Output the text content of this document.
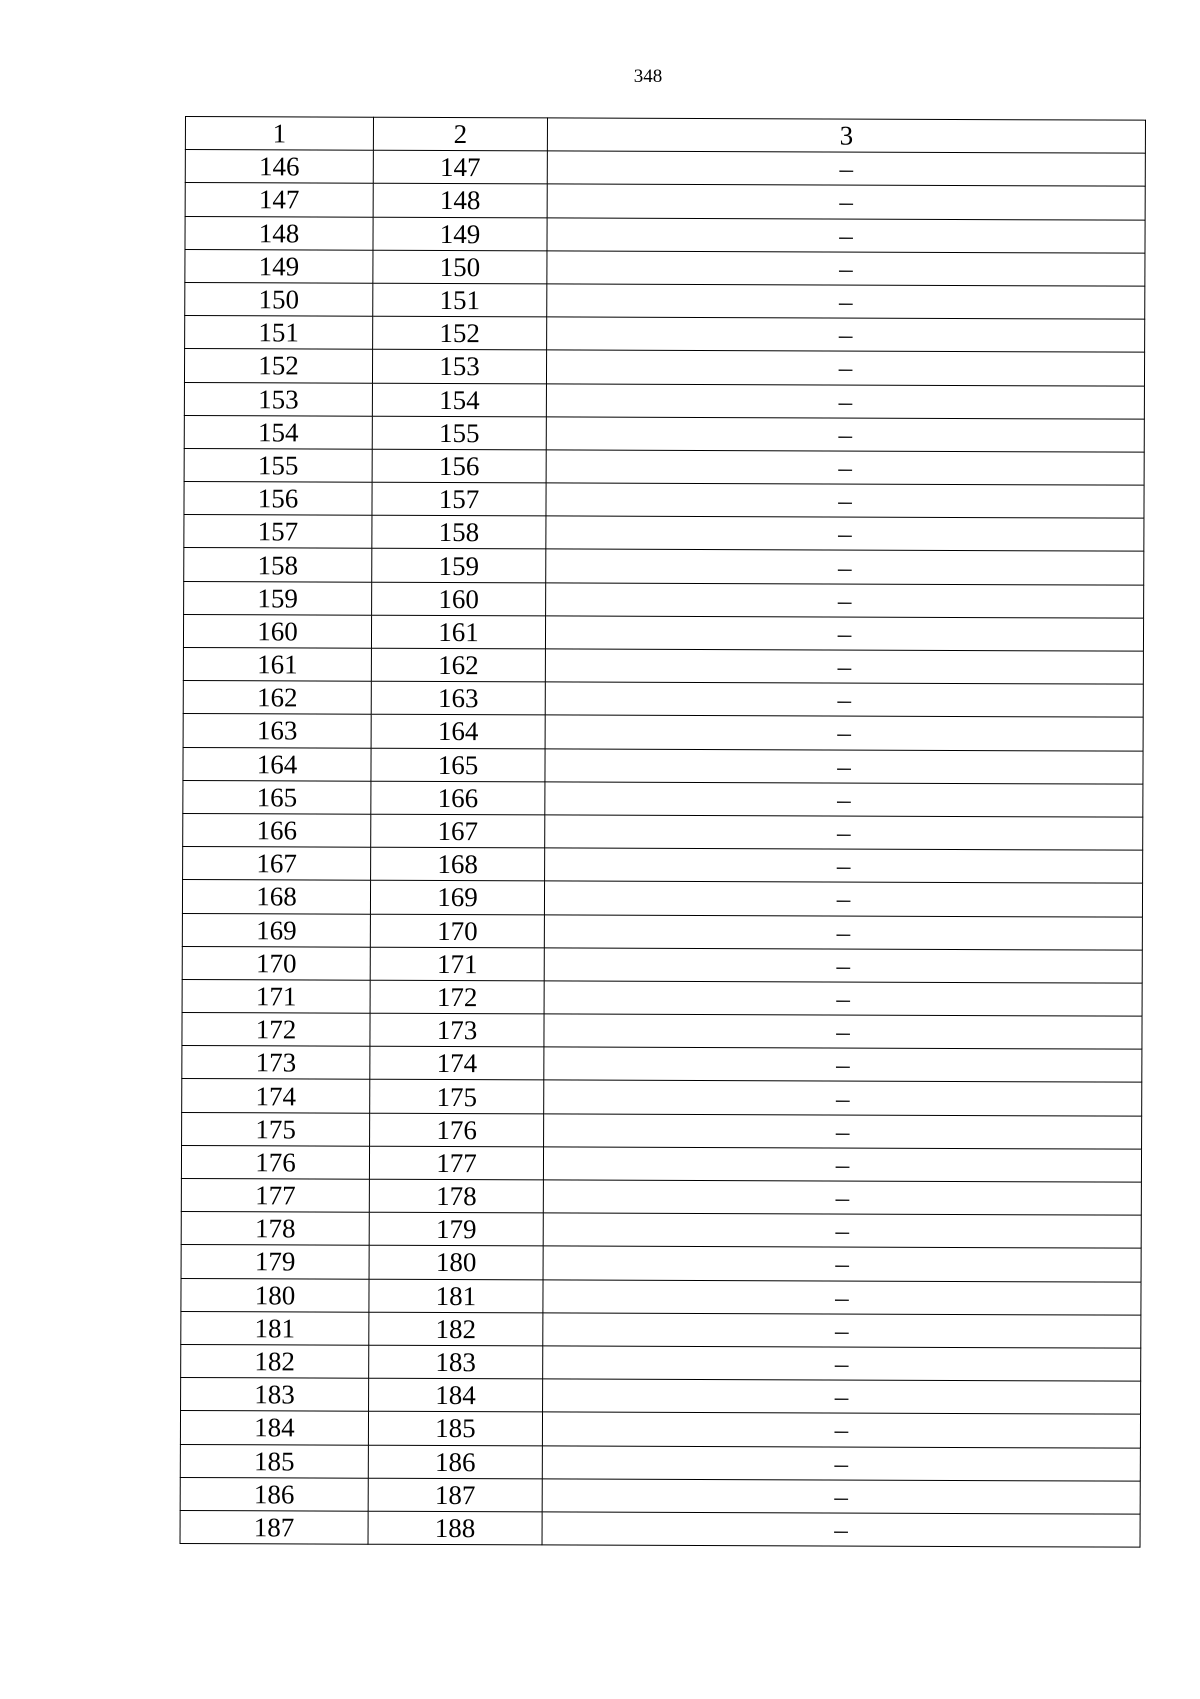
348
1	2	3
146	147	–
147	148	–
148	149	–
149	150	–
150	151	–
151	152	–
152	153	–
153	154	–
154	155	–
155	156	–
156	157	–
157	158	–
158	159	–
159	160	–
160	161	–
161	162	–
162	163	–
163	164	–
164	165	–
165	166	–
166	167	–
167	168	–
168	169	–
169	170	–
170	171	–
171	172	–
172	173	–
173	174	–
174	175	–
175	176	–
176	177	–
177	178	–
178	179	–
179	180	–
180	181	–
181	182	–
182	183	–
183	184	–
184	185	–
185	186	–
186	187	–
187	188	–
